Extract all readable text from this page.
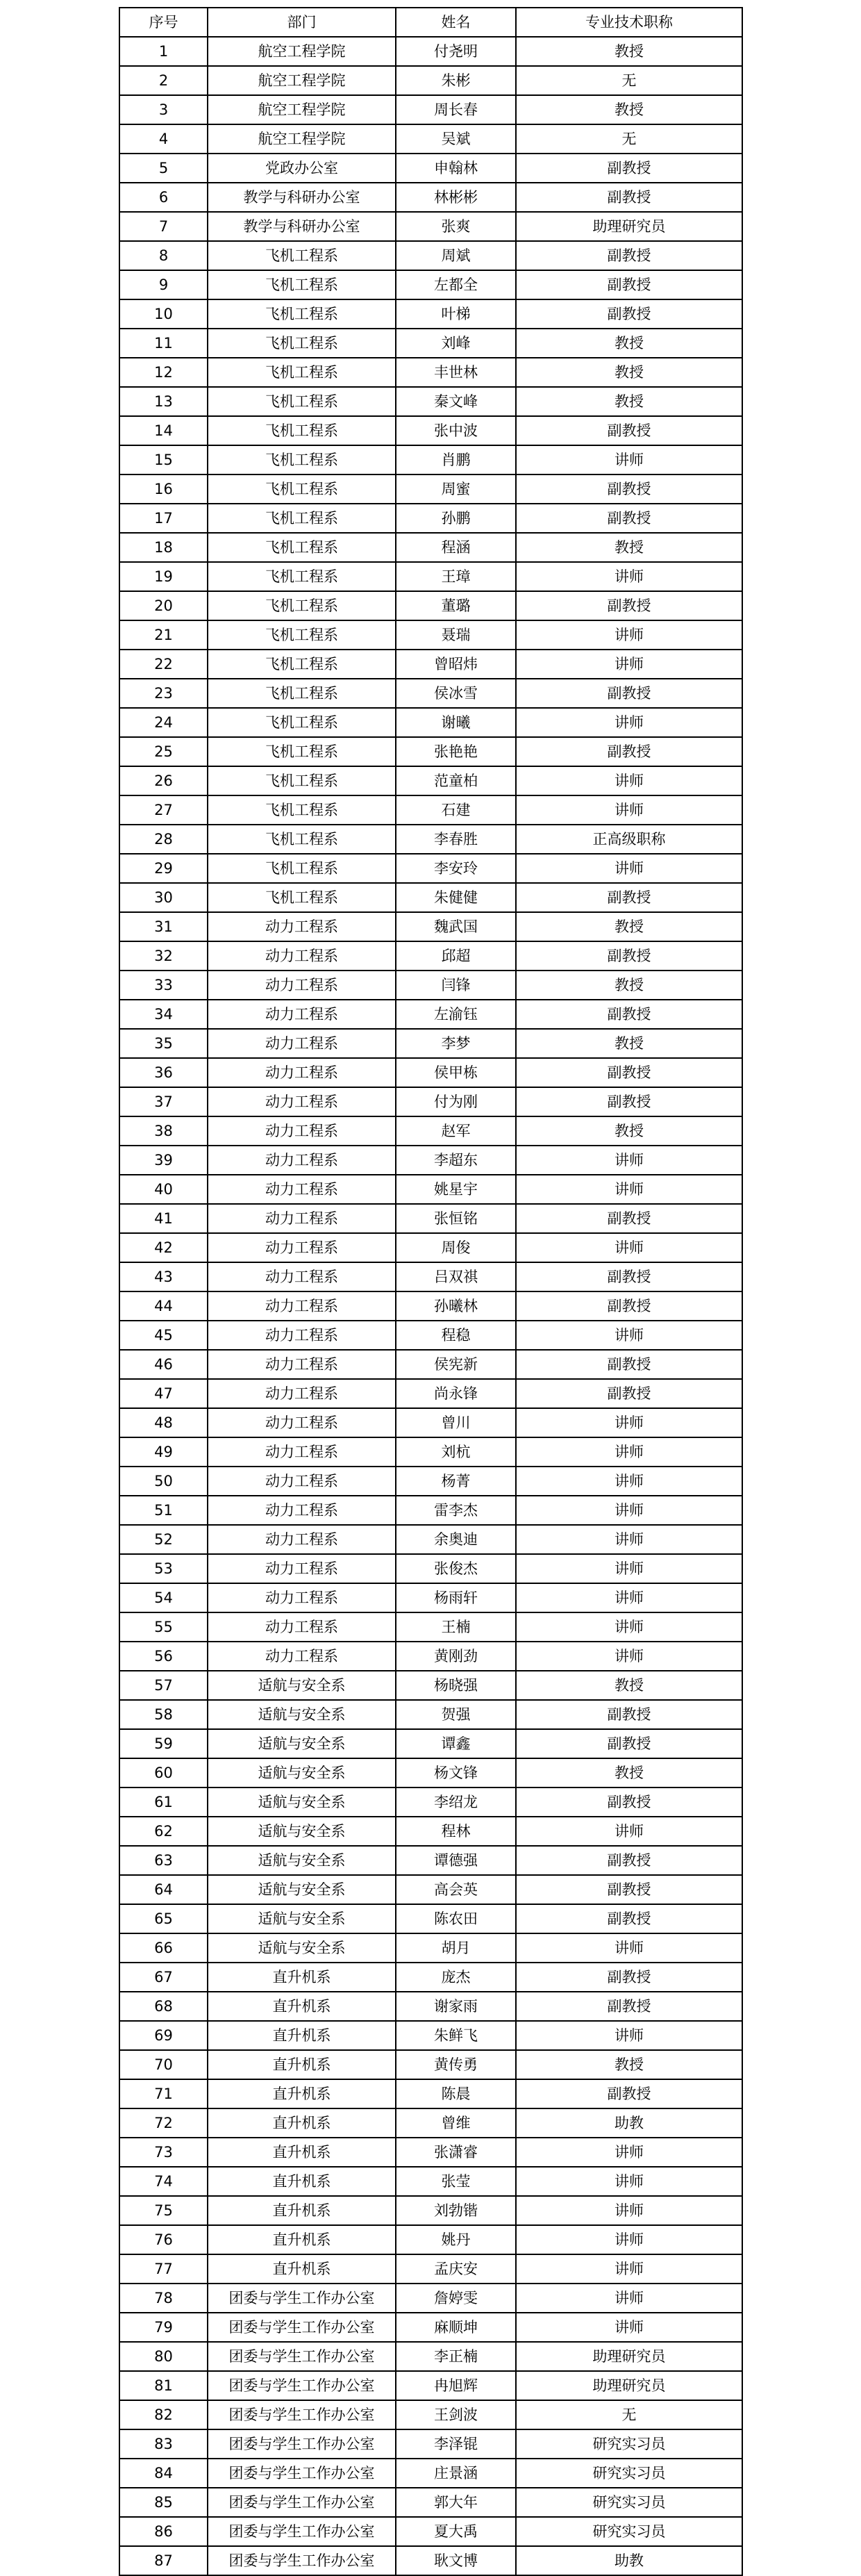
序号	部门	姓名	专业技术职称
1	航空工程学院	付尧明	教授
2	航空工程学院	朱彬	无
3	航空工程学院	周长春	教授
4	航空工程学院	吴斌	无
5	党政办公室	申翰林	副教授
6	教学与科研办公室	林彬彬	副教授
7	教学与科研办公室	张爽	助理研究员
8	飞机工程系	周斌	副教授
9	飞机工程系	左都全	副教授
10	飞机工程系	叶梯	副教授
11	飞机工程系	刘峰	教授
12	飞机工程系	丰世林	教授
13	飞机工程系	秦文峰	教授
14	飞机工程系	张中波	副教授
15	飞机工程系	肖鹏	讲师
16	飞机工程系	周蜜	副教授
17	飞机工程系	孙鹏	副教授
18	飞机工程系	程涵	教授
19	飞机工程系	王璋	讲师
20	飞机工程系	董璐	副教授
21	飞机工程系	聂瑞	讲师
22	飞机工程系	曾昭炜	讲师
23	飞机工程系	侯冰雪	副教授
24	飞机工程系	谢曦	讲师
25	飞机工程系	张艳艳	副教授
26	飞机工程系	范童柏	讲师
27	飞机工程系	石建	讲师
28	飞机工程系	李春胜	正高级职称
29	飞机工程系	李安玲	讲师
30	飞机工程系	朱健健	副教授
31	动力工程系	魏武国	教授
32	动力工程系	邱超	副教授
33	动力工程系	闫锋	教授
34	动力工程系	左渝钰	副教授
35	动力工程系	李梦	教授
36	动力工程系	侯甲栋	副教授
37	动力工程系	付为刚	副教授
38	动力工程系	赵军	教授
39	动力工程系	李超东	讲师
40	动力工程系	姚星宇	讲师
41	动力工程系	张恒铭	副教授
42	动力工程系	周俊	讲师
43	动力工程系	吕双祺	副教授
44	动力工程系	孙曦林	副教授
45	动力工程系	程稳	讲师
46	动力工程系	侯宪新	副教授
47	动力工程系	尚永锋	副教授
48	动力工程系	曾川	讲师
49	动力工程系	刘杭	讲师
50	动力工程系	杨菁	讲师
51	动力工程系	雷李杰	讲师
52	动力工程系	余奥迪	讲师
53	动力工程系	张俊杰	讲师
54	动力工程系	杨雨轩	讲师
55	动力工程系	王楠	讲师
56	动力工程系	黄刚劲	讲师
57	适航与安全系	杨晓强	教授
58	适航与安全系	贺强	副教授
59	适航与安全系	谭鑫	副教授
60	适航与安全系	杨文锋	教授
61	适航与安全系	李绍龙	副教授
62	适航与安全系	程林	讲师
63	适航与安全系	谭德强	副教授
64	适航与安全系	高会英	副教授
65	适航与安全系	陈农田	副教授
66	适航与安全系	胡月	讲师
67	直升机系	庞杰	副教授
68	直升机系	谢家雨	副教授
69	直升机系	朱鲜飞	讲师
70	直升机系	黄传勇	教授
71	直升机系	陈晨	副教授
72	直升机系	曾维	助教
73	直升机系	张潇睿	讲师
74	直升机系	张莹	讲师
75	直升机系	刘勃锴	讲师
76	直升机系	姚丹	讲师
77	直升机系	孟庆安	讲师
78	团委与学生工作办公室	詹婷雯	讲师
79	团委与学生工作办公室	麻顺坤	讲师
80	团委与学生工作办公室	李正楠	助理研究员
81	团委与学生工作办公室	冉旭辉	助理研究员
82	团委与学生工作办公室	王剑波	无
83	团委与学生工作办公室	李泽锟	研究实习员
84	团委与学生工作办公室	庄景涵	研究实习员
85	团委与学生工作办公室	郭大年	研究实习员
86	团委与学生工作办公室	夏大禹	研究实习员
87	团委与学生工作办公室	耿文博	助教
